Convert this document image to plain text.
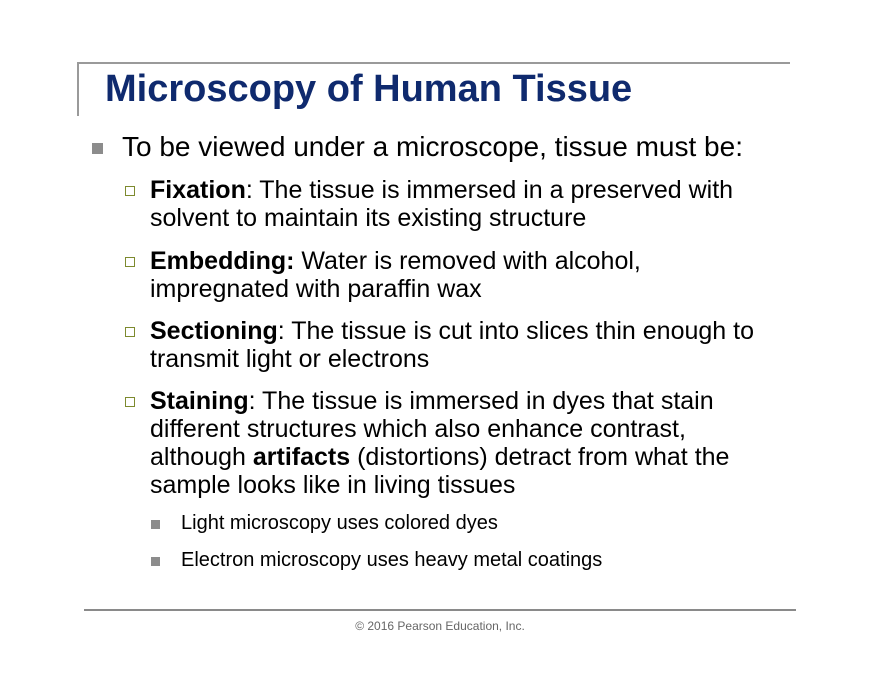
Microscopy of Human Tissue
To be viewed under a microscope, tissue must be:
Fixation: The tissue is immersed in a preserved with
solvent to maintain its existing structure
Embedding: Water is removed with alcohol,
impregnated with paraffin wax
Sectioning: The tissue is cut into slices thin enough to
transmit light or electrons
Staining: The tissue is immersed in dyes that stain
different structures which also enhance contrast,
although artifacts (distortions) detract from what the
sample looks like in living tissues
Light microscopy uses colored dyes
Electron microscopy uses heavy metal coatings
© 2016 Pearson Education, Inc.
